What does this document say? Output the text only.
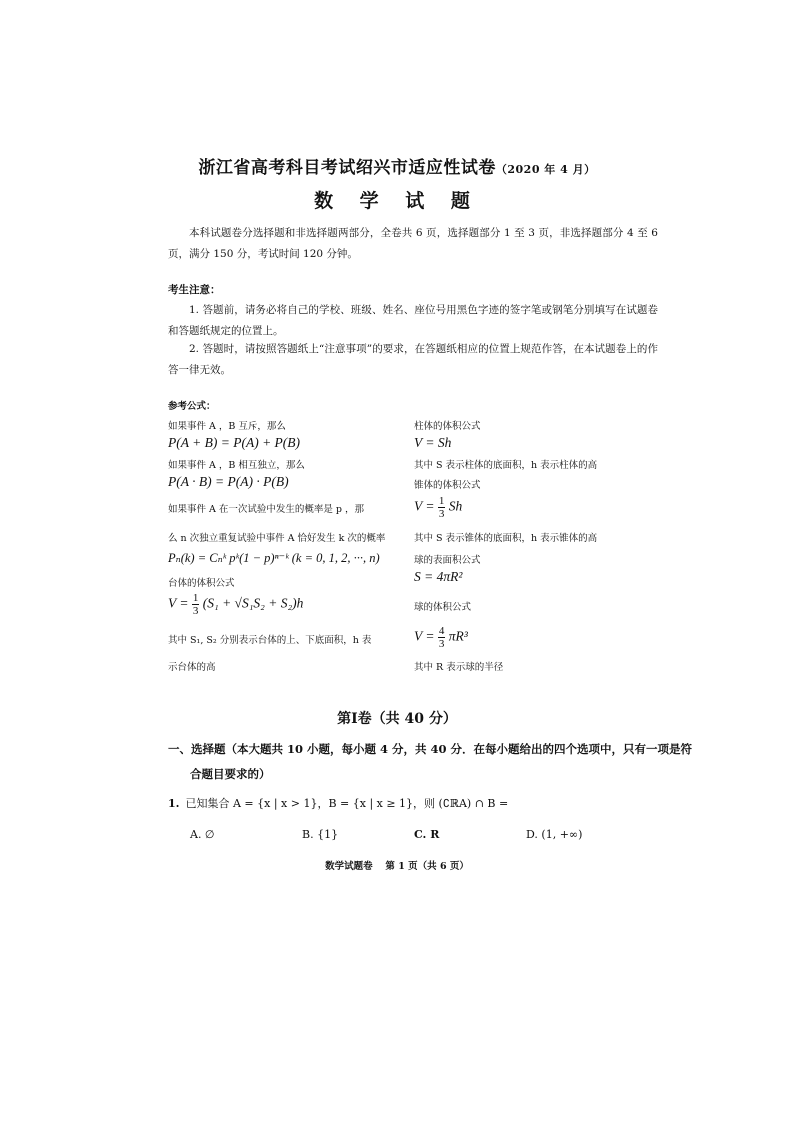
浙江省高考科目考试绍兴市适应性试卷（2020 年 4 月）
数 学 试 题
本科试题卷分选择题和非选择题两部分，全卷共 6 页，选择题部分 1 至 3 页，非选择题部分 4 至 6 页，满分 150 分，考试时间 120 分钟。
考生注意：
1. 答题前，请务必将自己的学校、班级、姓名、座位号用黑色字迹的签字笔或钢笔分别填写在试题卷和答题纸规定的位置上。
2. 答题时，请按照答题纸上“注意事项”的要求，在答题纸相应的位置上规范作答，在本试题卷上的作答一律无效。
参考公式：
如果事件 A ，B 互斥，那么
P(A + B) = P(A) + P(B)
如果事件 A ，B 相互独立，那么
P(A · B) = P(A) · P(B)
如果事件 A 在一次试验中发生的概率是 p ，那
么 n 次独立重复试验中事件 A 恰好发生 k 次的概率
Pₙ(k) = Cₙᵏ pᵏ(1 − p)ⁿ⁻ᵏ (k = 0, 1, 2, ···, n)
台体的体积公式
$V = \frac{1}{3} (S_1 + √S_1S_2 + S_2)h$
其中 S₁, S₂ 分别表示台体的上、下底面积，h 表
示台体的高
柱体的体积公式
V = Sh
其中 S 表示柱体的底面积，h 表示柱体的高
锥体的体积公式
$V = \frac{1}{3}$ Sh
其中 S 表示锥体的底面积，h 表示锥体的高
球的表面积公式
S = 4πR²
球的体积公式
$V = \frac{4}{3} \pi R^3$
其中 R 表示球的半径
第Ⅰ卷（共 40 分）
一、选择题（本大题共 10 小题，每小题 4 分，共 40 分．在每小题给出的四个选项中，只有一项是符
合题目要求的）
1. 已知集合 A = {x | x > 1}，B = {x | x ≥ 1}，则 (∁ℝA) ∩ B =
A. ∅	B. {1}	C. R	D. (1, +∞)
数学试题卷　 第 1 页（共 6 页）
